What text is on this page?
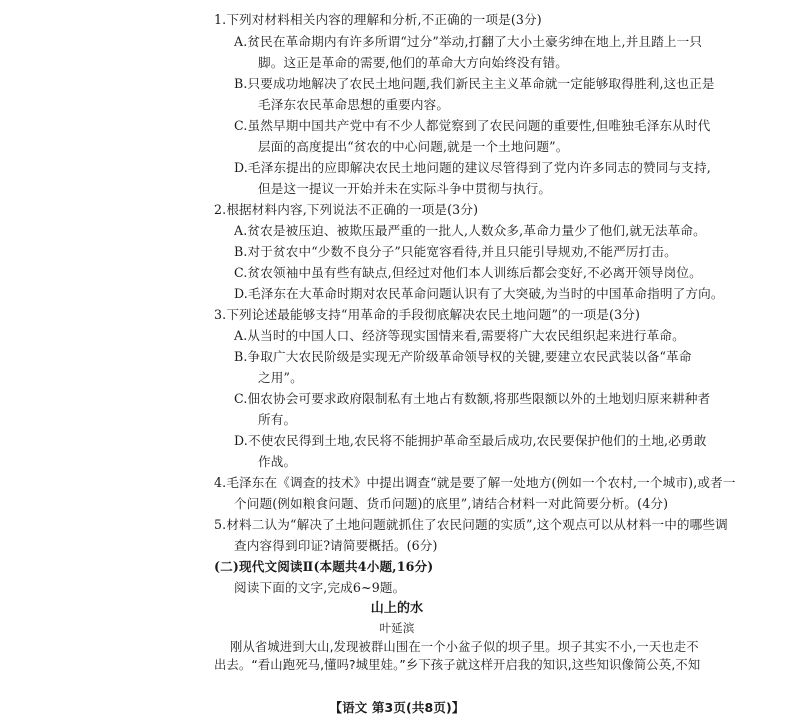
1.下列对材料相关内容的理解和分析,不正确的一项是(3分)
A.贫民在革命期内有许多所谓“过分”举动,打翻了大小土豪劣绅在地上,并且踏上一只
脚。这正是革命的需要,他们的革命大方向始终没有错。
B.只要成功地解决了农民土地问题,我们新民主主义革命就一定能够取得胜利,这也正是
毛泽东农民革命思想的重要内容。
C.虽然早期中国共产党中有不少人都觉察到了农民问题的重要性,但唯独毛泽东从时代
层面的高度提出“贫农的中心问题,就是一个土地问题”。
D.毛泽东提出的应即解决农民土地问题的建议尽管得到了党内许多同志的赞同与支持,
但是这一提议一开始并未在实际斗争中贯彻与执行。
2.根据材料内容,下列说法不正确的一项是(3分)
A.贫农是被压迫、被欺压最严重的一批人,人数众多,革命力量少了他们,就无法革命。
B.对于贫农中“少数不良分子”只能宽容看待,并且只能引导规劝,不能严厉打击。
C.贫农领袖中虽有些有缺点,但经过对他们本人训练后都会变好,不必离开领导岗位。
D.毛泽东在大革命时期对农民革命问题认识有了大突破,为当时的中国革命指明了方向。
3.下列论述最能够支持“用革命的手段彻底解决农民土地问题”的一项是(3分)
A.从当时的中国人口、经济等现实国情来看,需要将广大农民组织起来进行革命。
B.争取广大农民阶级是实现无产阶级革命领导权的关键,要建立农民武装以备“革命
之用”。
C.佃农协会可要求政府限制私有土地占有数额,将那些限额以外的土地划归原来耕种者
所有。
D.不使农民得到土地,农民将不能拥护革命至最后成功,农民要保护他们的土地,必勇敢
作战。
4.毛泽东在《调查的技术》中提出调查“就是要了解一处地方(例如一个农村,一个城市),或者一
个问题(例如粮食问题、货币问题)的底里”,请结合材料一对此简要分析。(4分)
5.材料二认为“解决了土地问题就抓住了农民问题的实质”,这个观点可以从材料一中的哪些调
查内容得到印证?请简要概括。(6分)
(二)现代文阅读Ⅱ(本题共4小题,16分)
阅读下面的文字,完成6~9题。
山上的水
叶延滨
刚从省城进到大山,发现被群山围在一个小盆子似的坝子里。坝子其实不小,一天也走不
出去。“看山跑死马,懂吗?城里娃。”乡下孩子就这样开启我的知识,这些知识像简公英,不知
【语文 第3页(共8页)】
